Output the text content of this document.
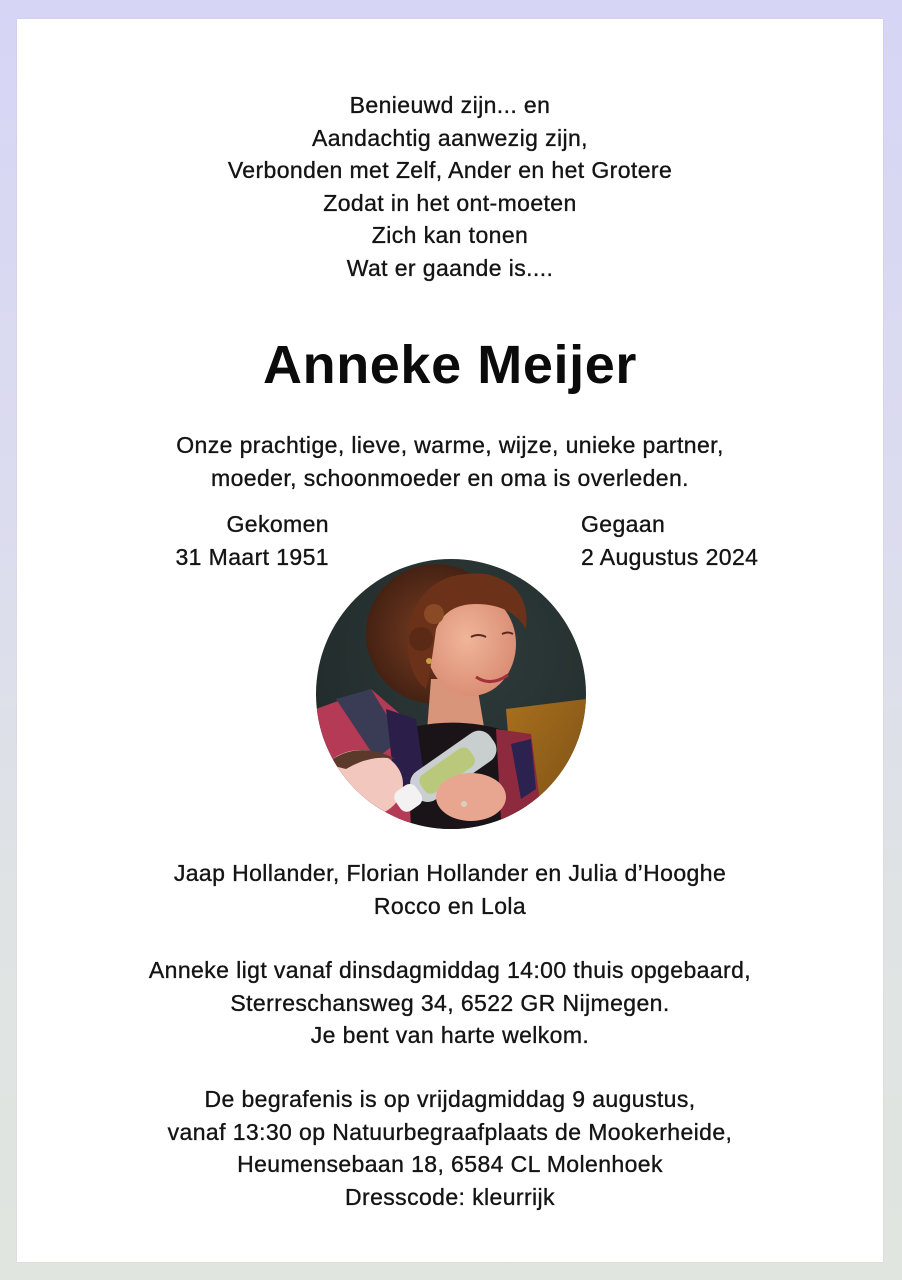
Benieuwd zijn... en
Aandachtig aanwezig zijn,
Verbonden met Zelf, Ander en het Grotere
Zodat in het ont-moeten
Zich kan tonen
Wat er gaande is....
Anneke Meijer
Onze prachtige, lieve, warme, wijze, unieke partner,
moeder, schoonmoeder en oma is overleden.
Gekomen
31 Maart 1951
Gegaan
2 Augustus 2024
Jaap Hollander, Florian Hollander en Julia d’Hooghe
Rocco en Lola
Anneke ligt vanaf dinsdagmiddag 14:00 thuis opgebaard,
Sterreschansweg 34, 6522 GR Nijmegen.
Je bent van harte welkom.
De begrafenis is op vrijdagmiddag 9 augustus,
vanaf 13:30 op Natuurbegraafplaats de Mookerheide,
Heumensebaan 18, 6584 CL Molenhoek
Dresscode: kleurrijk
